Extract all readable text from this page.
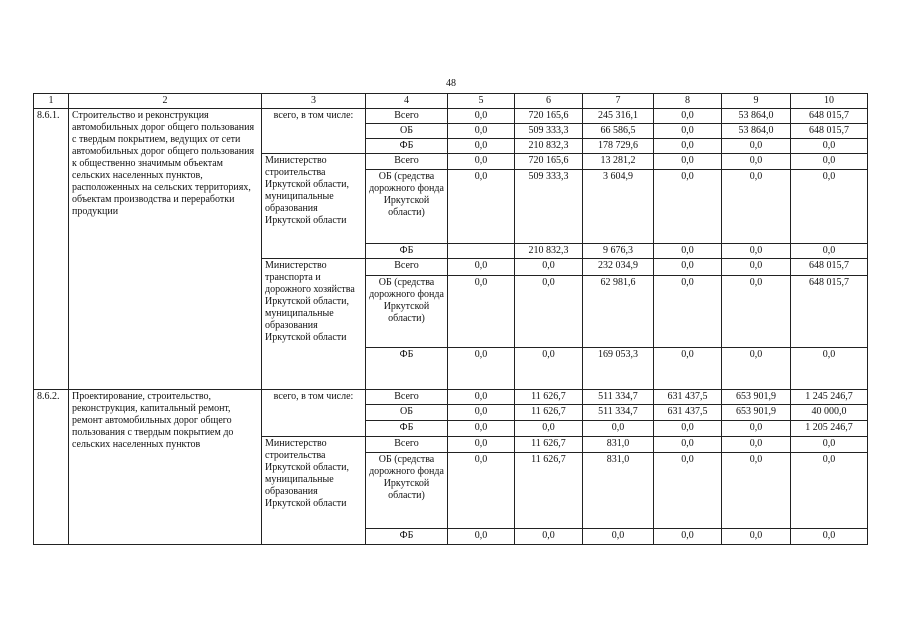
48
1	2	3	4	5	6	7	8	9	10
8.6.1.	Строительство и реконструкция автомобильных дорог общего пользования с твердым покрытием, ведущих от сети автомобильных дорог общего пользования к общественно значимым объектам сельских населенных пунктов, расположенных на сельских территориях, объектам производства и переработки продукции	всего, в том числе:	Всего	0,0	720 165,6	245 316,1	0,0	53 864,0	648 015,7
			ОБ	0,0	509 333,3	66 586,5	0,0	53 864,0	648 015,7
			ФБ	0,0	210 832,3	178 729,6	0,0	0,0	0,0
		Министерство строительства Иркутской области, муниципальные образования Иркутской области	Всего	0,0	720 165,6	13 281,2	0,0	0,0	0,0
			ОБ (средства дорожного фонда Иркутской области)	0,0	509 333,3	3 604,9	0,0	0,0	0,0
			ФБ		210 832,3	9 676,3	0,0	0,0	0,0
		Министерство транспорта и дорожного хозяйства Иркутской области, муниципальные образования Иркутской области	Всего	0,0	0,0	232 034,9	0,0	0,0	648 015,7
			ОБ (средства дорожного фонда Иркутской области)	0,0	0,0	62 981,6	0,0	0,0	648 015,7
			ФБ	0,0	0,0	169 053,3	0,0	0,0	0,0
8.6.2.	Проектирование, строительство, реконструкция, капитальный ремонт, ремонт автомобильных дорог общего пользования с твердым покрытием до сельских населенных пунктов	всего, в том числе:	Всего	0,0	11 626,7	511 334,7	631 437,5	653 901,9	1 245 246,7
			ОБ	0,0	11 626,7	511 334,7	631 437,5	653 901,9	40 000,0
			ФБ	0,0	0,0	0,0	0,0	0,0	1 205 246,7
		Министерство строительства Иркутской области, муниципальные образования Иркутской области	Всего	0,0	11 626,7	831,0	0,0	0,0	0,0
			ОБ (средства дорожного фонда Иркутской области)	0,0	11 626,7	831,0	0,0	0,0	0,0
			ФБ	0,0	0,0	0,0	0,0	0,0	0,0
